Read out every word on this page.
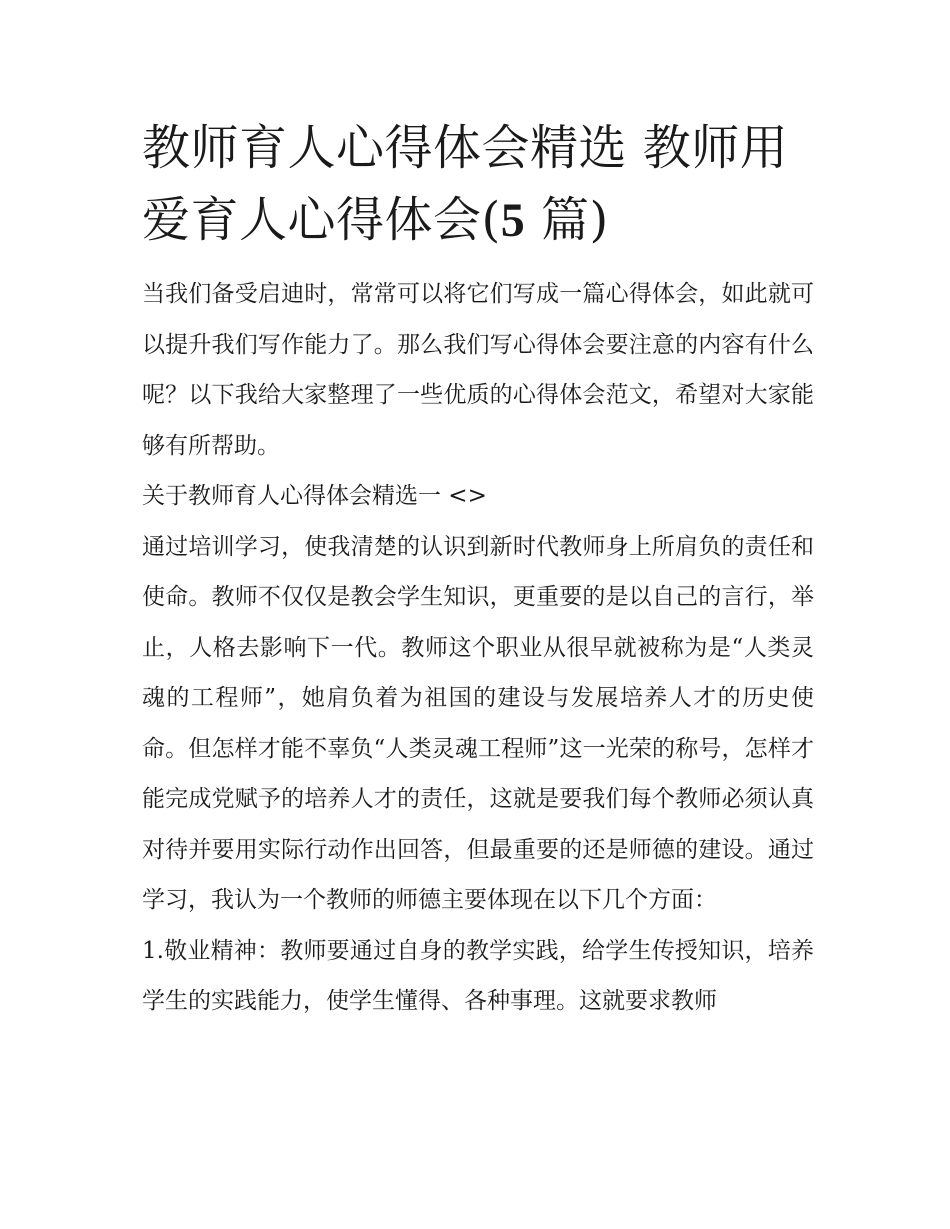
教师育人心得体会精选 教师用爱育人心得体会(5 篇)

当我们备受启迪时，常常可以将它们写成一篇心得体会，如此就可以提升我们写作能力了。那么我们写心得体会要注意的内容有什么呢？以下我给大家整理了一些优质的心得体会范文，希望对大家能够有所帮助。

关于教师育人心得体会精选一 <>

通过培训学习，使我清楚的认识到新时代教师身上所肩负的责任和使命。教师不仅仅是教会学生知识，更重要的是以自己的言行，举止，人格去影响下一代。教师这个职业从很早就被称为是“人类灵魂的工程师”，她肩负着为祖国的建设与发展培养人才的历史使命。但怎样才能不辜负“人类灵魂工程师”这一光荣的称号，怎样才能完成党赋予的培养人才的责任，这就是要我们每个教师必须认真对待并要用实际行动作出回答，但最重要的还是师德的建设。通过学习，我认为一个教师的师德主要体现在以下几个方面：

1.敬业精神：教师要通过自身的教学实践，给学生传授知识，培养学生的实践能力，使学生懂得、各种事理。这就要求教师
